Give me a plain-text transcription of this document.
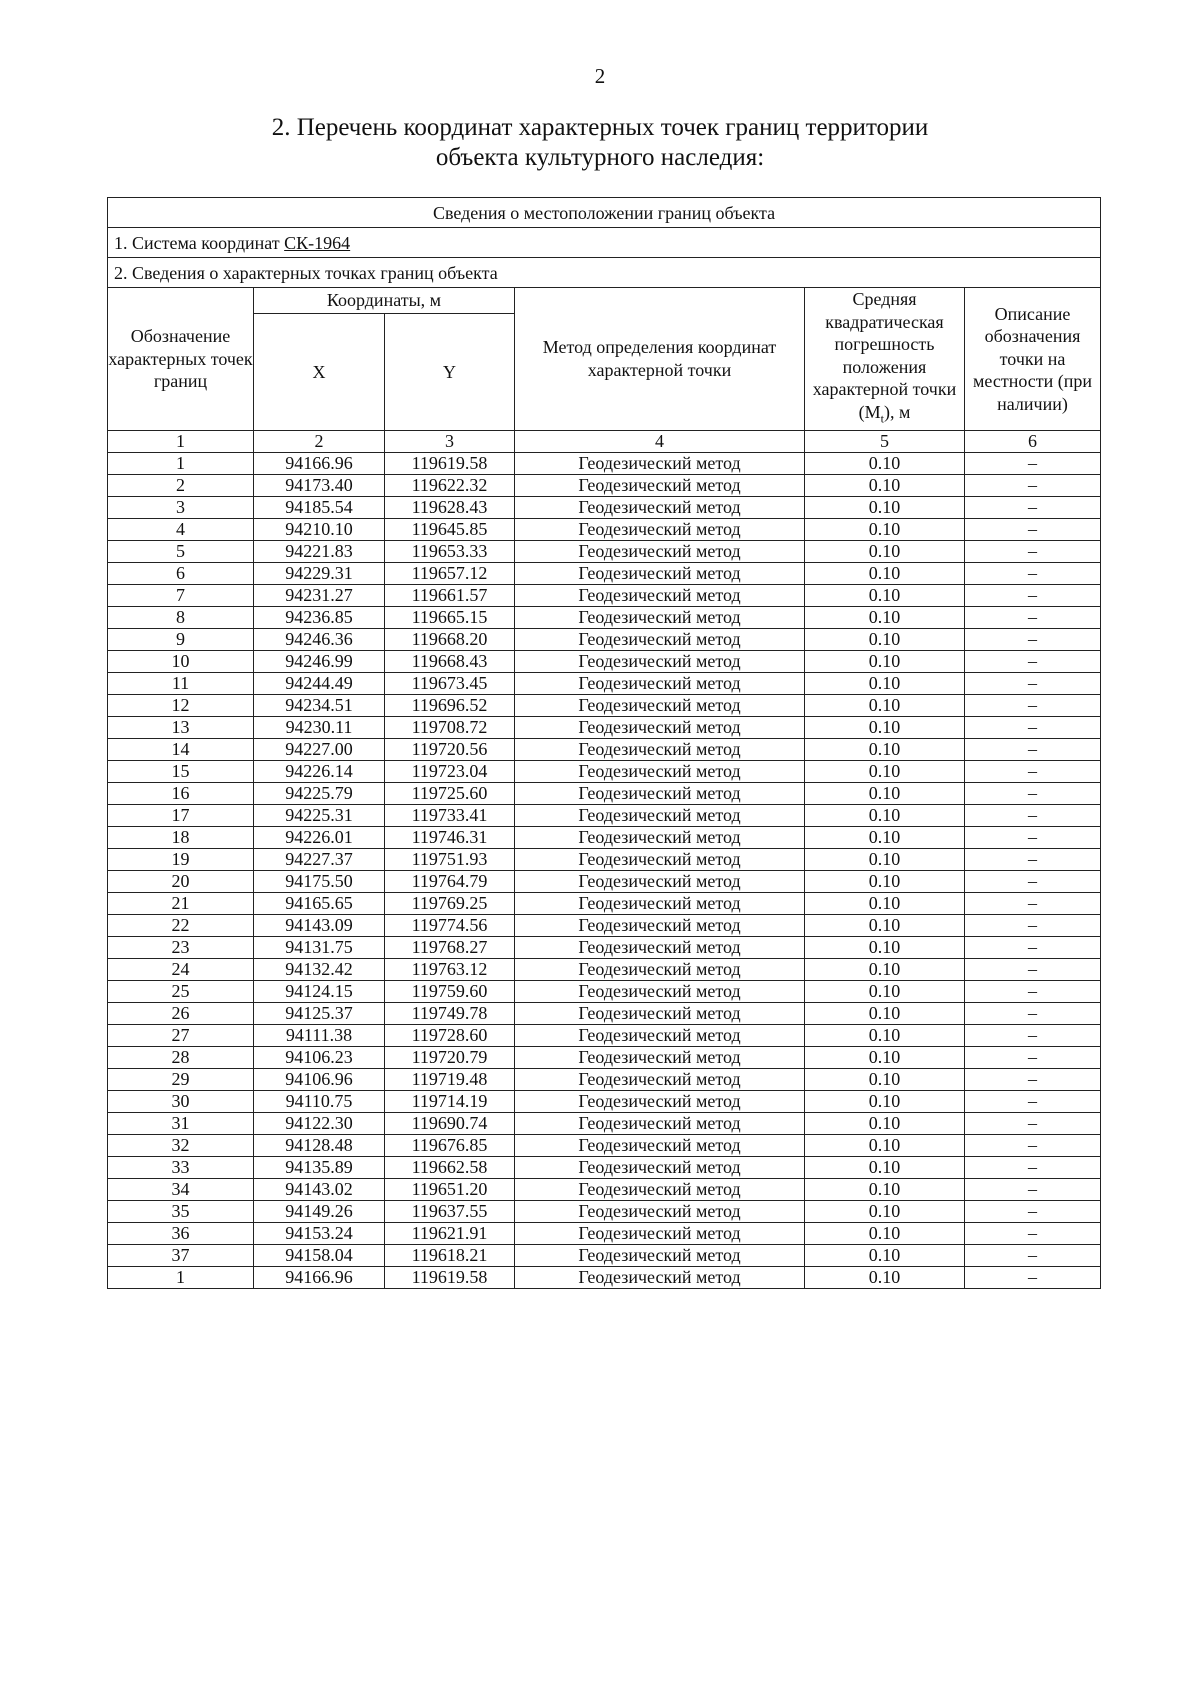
2
2. Перечень координат характерных точек границ территории
объекта культурного наследия:
Сведения о местоположении границ объекта					
1. Система координат СК-1964					
2. Сведения о характерных точках границ объекта					
Обозначение характерных точек границ	Координаты, м		Метод определения координат характерной точки	Средняя квадратическая погрешность положения характерной точки $(M_t)$, м	Описание обозначения точки на местности (при наличии)
	X	Y			
1	2	3	4	5	6
1	94166.96	119619.58	Геодезический метод	0.10	–
2	94173.40	119622.32	Геодезический метод	0.10	–
3	94185.54	119628.43	Геодезический метод	0.10	–
4	94210.10	119645.85	Геодезический метод	0.10	–
5	94221.83	119653.33	Геодезический метод	0.10	–
6	94229.31	119657.12	Геодезический метод	0.10	–
7	94231.27	119661.57	Геодезический метод	0.10	–
8	94236.85	119665.15	Геодезический метод	0.10	–
9	94246.36	119668.20	Геодезический метод	0.10	–
10	94246.99	119668.43	Геодезический метод	0.10	–
11	94244.49	119673.45	Геодезический метод	0.10	–
12	94234.51	119696.52	Геодезический метод	0.10	–
13	94230.11	119708.72	Геодезический метод	0.10	–
14	94227.00	119720.56	Геодезический метод	0.10	–
15	94226.14	119723.04	Геодезический метод	0.10	–
16	94225.79	119725.60	Геодезический метод	0.10	–
17	94225.31	119733.41	Геодезический метод	0.10	–
18	94226.01	119746.31	Геодезический метод	0.10	–
19	94227.37	119751.93	Геодезический метод	0.10	–
20	94175.50	119764.79	Геодезический метод	0.10	–
21	94165.65	119769.25	Геодезический метод	0.10	–
22	94143.09	119774.56	Геодезический метод	0.10	–
23	94131.75	119768.27	Геодезический метод	0.10	–
24	94132.42	119763.12	Геодезический метод	0.10	–
25	94124.15	119759.60	Геодезический метод	0.10	–
26	94125.37	119749.78	Геодезический метод	0.10	–
27	94111.38	119728.60	Геодезический метод	0.10	–
28	94106.23	119720.79	Геодезический метод	0.10	–
29	94106.96	119719.48	Геодезический метод	0.10	–
30	94110.75	119714.19	Геодезический метод	0.10	–
31	94122.30	119690.74	Геодезический метод	0.10	–
32	94128.48	119676.85	Геодезический метод	0.10	–
33	94135.89	119662.58	Геодезический метод	0.10	–
34	94143.02	119651.20	Геодезический метод	0.10	–
35	94149.26	119637.55	Геодезический метод	0.10	–
36	94153.24	119621.91	Геодезический метод	0.10	–
37	94158.04	119618.21	Геодезический метод	0.10	–
1	94166.96	119619.58	Геодезический метод	0.10	–
